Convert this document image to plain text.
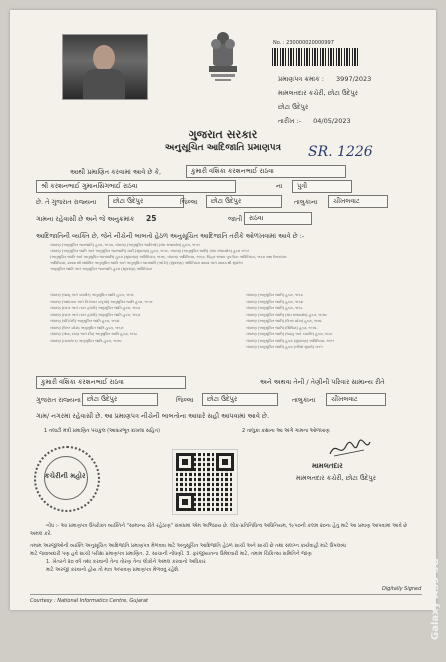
No. : 230000020000997
પ્રમાણપત્ર ક્રમાંક : 3997/2023
મામલતદાર કચેરી, છોટા ઉદેપુર
છોટા ઉદેપુર
તારીખ :- 04/05/2023
ગુજરાત સરકાર
અનુસૂચિત આદિજાતિ પ્રમાણપત્ર	SR. 1226
આથી પ્રમાણિત કરવામાં આવે છે કે,	કુમારી વંશિકા કરશનભાઈ રાઠવા
શ્રી કરશનભાઈ ગુમાનસિંગભાઈ રાઠવા	ના	પુત્રી
છે. તે ગુજરાત રાજ્યના	છોટા ઉદેપુર	જિલ્લા	છોટા ઉદેપુર	તાલુકાના	ચીખલવાટ
ગામના રહેવાસી છે અને જે અનુક્રમાંક 25	જાતી	રાઠવા
આદિજાતિની વ્યક્તિ છે, જેને નીચેની બાબતો હેઠળ અનુસૂચિત આદિજાતિ તરીકે ઓળખવામાં આવે છે :-
બંધારણ (અનુસૂચિત જનજાતિ) હુકમ, ૧૯૫૦, બંધારણ (અનુસૂચિત જાતિઓ) (સંઘ રાજ્યક્ષેત્ર) હુકમ, ૧૯૫૧
બંધારણ (અનુસૂચિત જાતિ અને અનુસૂચિત જનજાતિ) યાદી (સુધારણા) હુકમ, ૧૯૫૬, બંધારણ (અનુસૂચિત જાતિ) (સંઘ રાજ્યક્ષેત્ર) હુકમ ૧૯૫૧
(અનુસૂચિત જાતિ અને અનુસૂચિત જનજાતિ) હુકમ (સુધારણા) અધિનિયમ, ૧૯૭૬, બંધારણ અધિનિયમ, ૧૯૬૦, બિહાર રાજ્ય પુનર્ગઠન અધિનિયમ, ૧૯૬૦ તથા ઉત્તરાંચલ
અધિનિયમ, ૨૦૦૦ થી સંશોધિત અનુસૂચિત જાતિ અને અનુસૂચિત જનજાતિ (ઓર્ડર) (સુધારણા) અધિનિયમ ૨૦૦૨ અને ૨૦૦૩ થી સુધારેલ
અનુસૂચિત જાતિ અને અનુસૂચિત જનજાતિ હુકમ (સુધારણા) અધિનિયમ
બંધારણ (જમ્મુ અને કાશ્મીર) અનુસૂચિત જાતિ હુકમ, ૧૯૫૬
બંધારણ (આંદામાન અને નિકોબાર ટાપુઓ) અનુસૂચિત જાતિ હુકમ, ૧૯૫૯
બંધારણ (દાદરા અને નગર હવેલી) અનુસૂચિત જાતિ હુકમ, ૧૯૬૨
બંધારણ (દાદરા અને નગર હવેલી) અનુસૂચિત જાતિ હુકમ, ૧૯૬૨
બંધારણ (પોંડિચેરી) અનુસૂચિત જાતિ હુકમ, ૧૯૬૪
બંધારણ (ઉત્તર પ્રદેશ) અનુસૂચિત જાતિ હુકમ, ૧૯૬૭
બંધારણ (ગોવા, દમણ અને દીવ) અનુસૂચિત જાતિ હુકમ, ૧૯૬૮
બંધારણ (નાગાલેન્ડ) અનુસૂચિત જાતિ હુકમ, ૧૯૭૦
બંધારણ (અનુસૂચિત જાતિ) હુકમ, ૧૯૬૨
બંધારણ (અનુસૂચિત જાતિ) હુકમ, ૧૯૬૪
બંધારણ (અનુસૂચિત જાતિ) હુકમ, ૧૯૬૮
બંધારણ (અનુસૂચિત જાતિ) (સંઘ રાજ્યક્ષેત્ર) હુકમ, ૧૯૭૦
બંધારણ (અનુસૂચિત જાતિ) (ઉત્તર પ્રદેશ) હુકમ, ૧૯૭૮
બંધારણ (અનુસૂચિત જાતિ) (સિક્કિમ) હુકમ, ૧૯૭૮
બંધારણ (અનુસૂચિત જાતિ) (જમ્મુ અને કાશ્મીર) હુકમ, ૧૯૮૯
બંધારણ (અનુસૂચિત જાતિ) હુકમ (સુધારણા) અધિનિયમ, ૧૯૯૧
બંધારણ (અનુસૂચિત જાતિ) હુકમ (બીજો સુધારો) ૧૯૯૧
કુમારી વંશિકા કરશનભાઈ રાઠવા	અને અથવા તેની / તેણીની પરિવાર સામાન્ય રીતે
ગુજરાત રાજ્યના છોટા ઉદેપુર	જિલ્લા	છોટા ઉદેપુર	તાલુકાના	ચીખલવાટ
ગામ/ નગરમાં રહેવાસી છે. આ પ્રમાણપત્ર નીચેની બાબતોના આધારે સહી આપવામાં આવે છે.
1 તલાટી મંત્રી પ્રમાણિત પંચકુલ (આધારભૂત દાખલા સહિત)	2 તાલુકા કક્ષાના આ અંગે ગામના ઓળખાણ
કચેરીની મહોર
મામલતદાર
મામલતદાર કચેરી, છોટા ઉદેપુર
નોંધ :- આ પ્રમાણપત્ર ઉપરોક્ત વ્યક્તિને "સામાન્ય રીતે રહેઠાણ" સંબંધમાં એમ અભિપ્રાય છે. લોક-પ્રતિનિધિત્વ અધિનિયમ, ૧૯૫૦ની કલમ ૨૦ના હેતુ માટે આ પ્રમાણ આપવામાં આવે છે
અમલ કરે.
તમામ અરજીઓની વ્યક્તિ અનુસૂચિત આદિજાતિ પ્રમાણપત્ર મેળવવા માટે અનુસૂચિત આદિજાતિ હેઠળ સાચી અને સાચી છે તથા સંલગ્ન કાર્યવાહી માટે ઉપલબ્ધ
માટે જવાબદારી પણ હવે સાચી પરીક્ષા પ્રમાણપત્ર પ્રમાણિત. 2. સાચાની નોંધણી. 3. ફરજીયાતના ઉમેદવારી માટે, તમામ ચિકિત્સા સમિતિને જાણ
1. ખેતરને ૨૦ વર્ષ તથા કરવાની તેના તોરણ તેના લોકોને અમલ કરવાનો અધિકાર
માટે અરજી કરવાનો હોય તો માત્ર અપાવણ પ્રમાણપત્ર મેળવવું રહેશે.
Courtesy : National Informatics Centre, Gujarat
Digitally Signed Galaxy A55 5G
